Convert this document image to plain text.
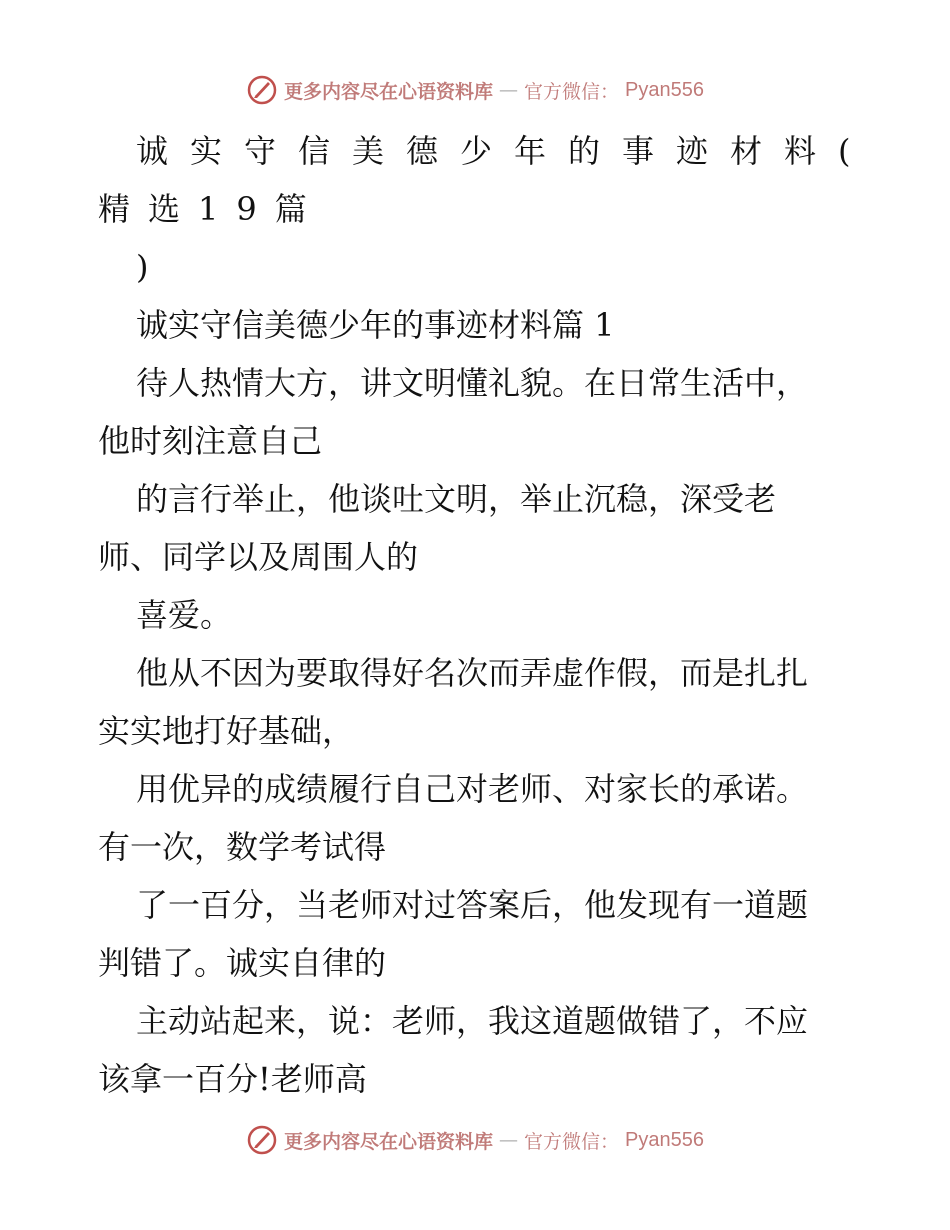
更多内容尽在心语资料库 — 官方微信： Pyan556
诚实守信美德少年的事迹材料(
精选19篇
)
诚实守信美德少年的事迹材料篇 1
待人热情大方，讲文明懂礼貌。在日常生活中，
他时刻注意自己
的言行举止，他谈吐文明，举止沉稳，深受老
师、同学以及周围人的
喜爱。
他从不因为要取得好名次而弄虚作假，而是扎扎
实实地打好基础，
用优异的成绩履行自己对老师、对家长的承诺。
有一次，数学考试得
了一百分，当老师对过答案后，他发现有一道题
判错了。诚实自律的
主动站起来，说：老师，我这道题做错了，不应
该拿一百分!老师高
更多内容尽在心语资料库 — 官方微信： Pyan556
